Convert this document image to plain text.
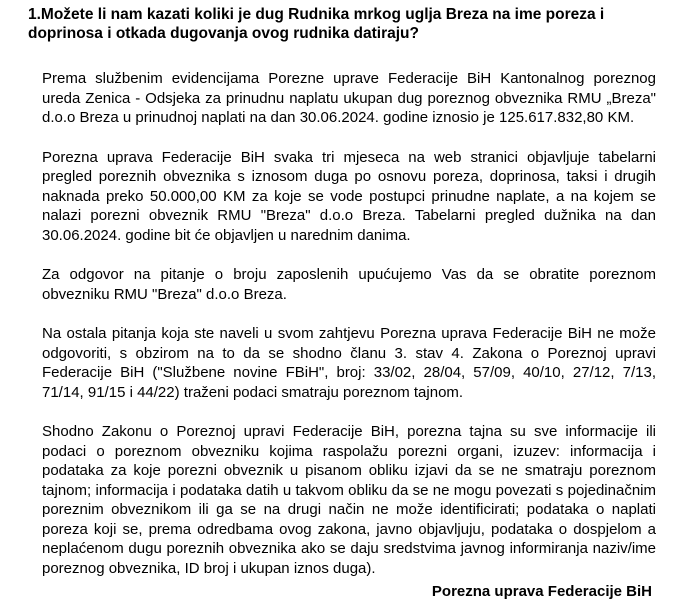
1.Možete li nam kazati koliki je dug Rudnika mrkog uglja Breza na ime poreza i doprinosa i otkada dugovanja ovog rudnika datiraju?

Prema službenim evidencijama Porezne uprave Federacije BiH Kantonalnog poreznog ureda Zenica - Odsjeka za prinudnu naplatu ukupan dug poreznog obveznika RMU „Breza" d.o.o Breza u prinudnoj naplati na dan 30.06.2024. godine iznosio je 125.617.832,80 KM.

Porezna uprava Federacije BiH svaka tri mjeseca na web stranici objavljuje tabelarni pregled poreznih obveznika s iznosom duga po osnovu poreza, doprinosa, taksi i drugih naknada preko 50.000,00 KM za koje se vode postupci prinudne naplate, a na kojem se nalazi porezni obveznik RMU "Breza" d.o.o Breza. Tabelarni pregled dužnika na dan 30.06.2024. godine bit će objavljen u narednim danima.

Za odgovor na pitanje o broju zaposlenih upućujemo Vas da se obratite poreznom obvezniku RMU "Breza" d.o.o Breza.

Na ostala pitanja koja ste naveli u svom zahtjevu Porezna uprava Federacije BiH ne može odgovoriti, s obzirom na to da se shodno članu 3. stav 4. Zakona o Poreznoj upravi Federacije BiH ("Službene novine FBiH", broj: 33/02, 28/04, 57/09, 40/10, 27/12, 7/13, 71/14, 91/15 i 44/22) traženi podaci smatraju poreznom tajnom.

Shodno Zakonu o Poreznoj upravi Federacije BiH, porezna tajna su sve informacije ili podaci o poreznom obvezniku kojima raspolažu porezni organi, izuzev: informacija i podataka za koje porezni obveznik u pisanom obliku izjavi da se ne smatraju poreznom tajnom; informacija i podataka datih u takvom obliku da se ne mogu povezati s pojedinačnim poreznim obveznikom ili ga se na drugi način ne može identificirati; podataka o naplati poreza koji se, prema odredbama ovog zakona, javno objavljuju, podataka o dospjelom a neplaćenom dugu poreznih obveznika ako se daju sredstvima javnog informiranja naziv/ime poreznog obveznika, ID broj i ukupan iznos duga).

Porezna uprava Federacije BiH
